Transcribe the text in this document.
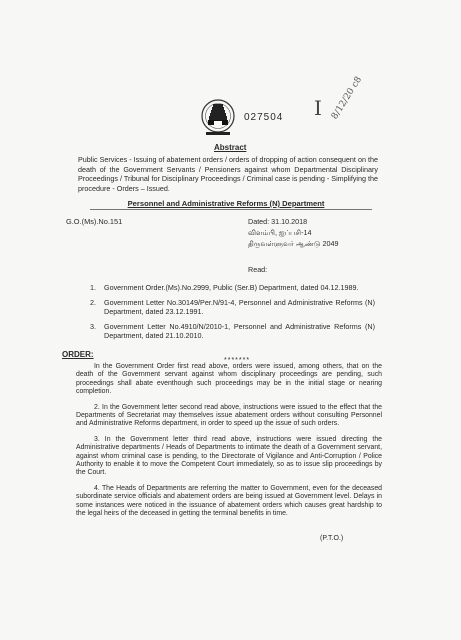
027504 I 8/12/20 c8
Abstract
Public Services - Issuing of abatement orders / orders of dropping of action consequent on the death of the Government Servants / Pensioners against whom Departmental Disciplinary Proceedings / Tribunal for Disciplinary Proceedings / Criminal case is pending - Simplifying the procedure - Orders – Issued.
Personnel and Administrative Reforms (N) Department
G.O.(Ms).No.151	Dated: 31.10.2018
விளம்பி, ஐப்பசி-14
திருவள்ளுவர் ஆண்டு 2049
Read:
1.	Government Order.(Ms).No.2999, Public (Ser.B) Department, dated 04.12.1989.
2.	Government Letter No.30149/Per.N/91-4, Personnel and Administrative Reforms (N) Department, dated 23.12.1991.
3.	Government Letter No.4910/N/2010-1, Personnel and Administrative Reforms (N) Department, dated 21.10.2010.
*******
ORDER:

In the Government Order first read above, orders were issued, among others, that on the death of the Government servant against whom disciplinary proceedings are pending, such proceedings shall abate eventhough such proceedings may be in the initial stage or nearing completion.

2. In the Government letter second read above, instructions were issued to the effect that the Departments of Secretariat may themselves issue abatement orders without consulting Personnel and Administrative Reforms department, in order to speed up the issue of such orders.

3. In the Government letter third read above, instructions were issued directing the Administrative departments / Heads of Departments to intimate the death of a Government servant, against whom criminal case is pending, to the Directorate of Vigilance and Anti-Corruption / Police Authority to enable it to move the Competent Court immediately, so as to issue slip proceedings by the Court.

4. The Heads of Departments are referring the matter to Government, even for the deceased subordinate service officials and abatement orders are being issued at Government level. Delays in some instances were noticed in the issuance of abatement orders which causes great hardship to the legal heirs of the deceased in getting the terminal benefits in time.

(P.T.O.)
